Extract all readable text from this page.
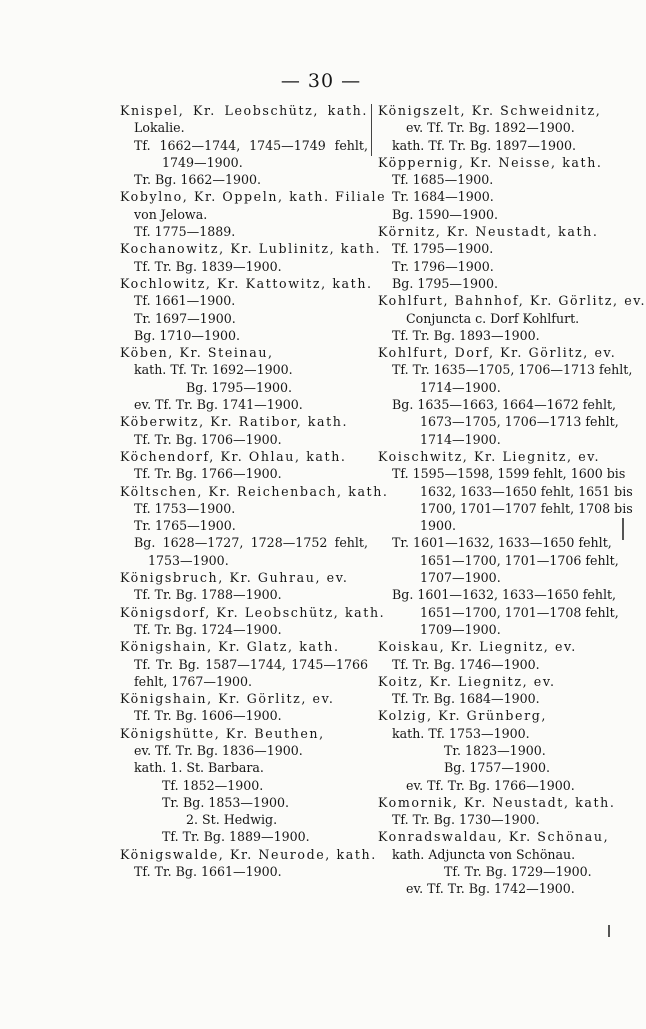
— 30 —
Knispel, Kr. Leobschütz, kath.
Lokalie.
Tf. 1662—1744, 1745—1749 fehlt,
1749—1900.
Tr. Bg. 1662—1900.
Kobylno, Kr. Oppeln, kath. Filiale
von Jelowa.
Tf. 1775—1889.
Kochanowitz, Kr. Lublinitz, kath.
Tf. Tr. Bg. 1839—1900.
Kochlowitz, Kr. Kattowitz, kath.
Tf. 1661—1900.
Tr. 1697—1900.
Bg. 1710—1900.
Köben, Kr. Steinau,
kath. Tf. Tr. 1692—1900.
Bg. 1795—1900.
ev. Tf. Tr. Bg. 1741—1900.
Köberwitz, Kr. Ratibor, kath.
Tf. Tr. Bg. 1706—1900.
Köchendorf, Kr. Ohlau, kath.
Tf. Tr. Bg. 1766—1900.
Költschen, Kr. Reichenbach, kath.
Tf. 1753—1900.
Tr. 1765—1900.
Bg. 1628—1727, 1728—1752 fehlt,
1753—1900.
Königsbruch, Kr. Guhrau, ev.
Tf. Tr. Bg. 1788—1900.
Königsdorf, Kr. Leobschütz, kath.
Tf. Tr. Bg. 1724—1900.
Königshain, Kr. Glatz, kath.
Tf. Tr. Bg. 1587—1744, 1745—1766
fehlt, 1767—1900.
Königshain, Kr. Görlitz, ev.
Tf. Tr. Bg. 1606—1900.
Königshütte, Kr. Beuthen,
ev. Tf. Tr. Bg. 1836—1900.
kath. 1. St. Barbara.
Tf. 1852—1900.
Tr. Bg. 1853—1900.
2. St. Hedwig.
Tf. Tr. Bg. 1889—1900.
Königswalde, Kr. Neurode, kath.
Tf. Tr. Bg. 1661—1900.
Königszelt, Kr. Schweidnitz,
ev. Tf. Tr. Bg. 1892—1900.
kath. Tf. Tr. Bg. 1897—1900.
Köppernig, Kr. Neisse, kath.
Tf. 1685—1900.
Tr. 1684—1900.
Bg. 1590—1900.
Körnitz, Kr. Neustadt, kath.
Tf. 1795—1900.
Tr. 1796—1900.
Bg. 1795—1900.
Kohlfurt, Bahnhof, Kr. Görlitz, ev.
Conjuncta c. Dorf Kohlfurt.
Tf. Tr. Bg. 1893—1900.
Kohlfurt, Dorf, Kr. Görlitz, ev.
Tf. Tr. 1635—1705, 1706—1713 fehlt,
1714—1900.
Bg. 1635—1663, 1664—1672 fehlt,
1673—1705, 1706—1713 fehlt,
1714—1900.
Koischwitz, Kr. Liegnitz, ev.
Tf. 1595—1598, 1599 fehlt, 1600 bis
1632, 1633—1650 fehlt, 1651 bis
1700, 1701—1707 fehlt, 1708 bis
1900.
Tr. 1601—1632, 1633—1650 fehlt,
1651—1700, 1701—1706 fehlt,
1707—1900.
Bg. 1601—1632, 1633—1650 fehlt,
1651—1700, 1701—1708 fehlt,
1709—1900.
Koiskau, Kr. Liegnitz, ev.
Tf. Tr. Bg. 1746—1900.
Koitz, Kr. Liegnitz, ev.
Tf. Tr. Bg. 1684—1900.
Kolzig, Kr. Grünberg,
kath. Tf. 1753—1900.
Tr. 1823—1900.
Bg. 1757—1900.
ev. Tf. Tr. Bg. 1766—1900.
Komornik, Kr. Neustadt, kath.
Tf. Tr. Bg. 1730—1900.
Konradswaldau, Kr. Schönau,
kath. Adjuncta von Schönau.
Tf. Tr. Bg. 1729—1900.
ev. Tf. Tr. Bg. 1742—1900.
